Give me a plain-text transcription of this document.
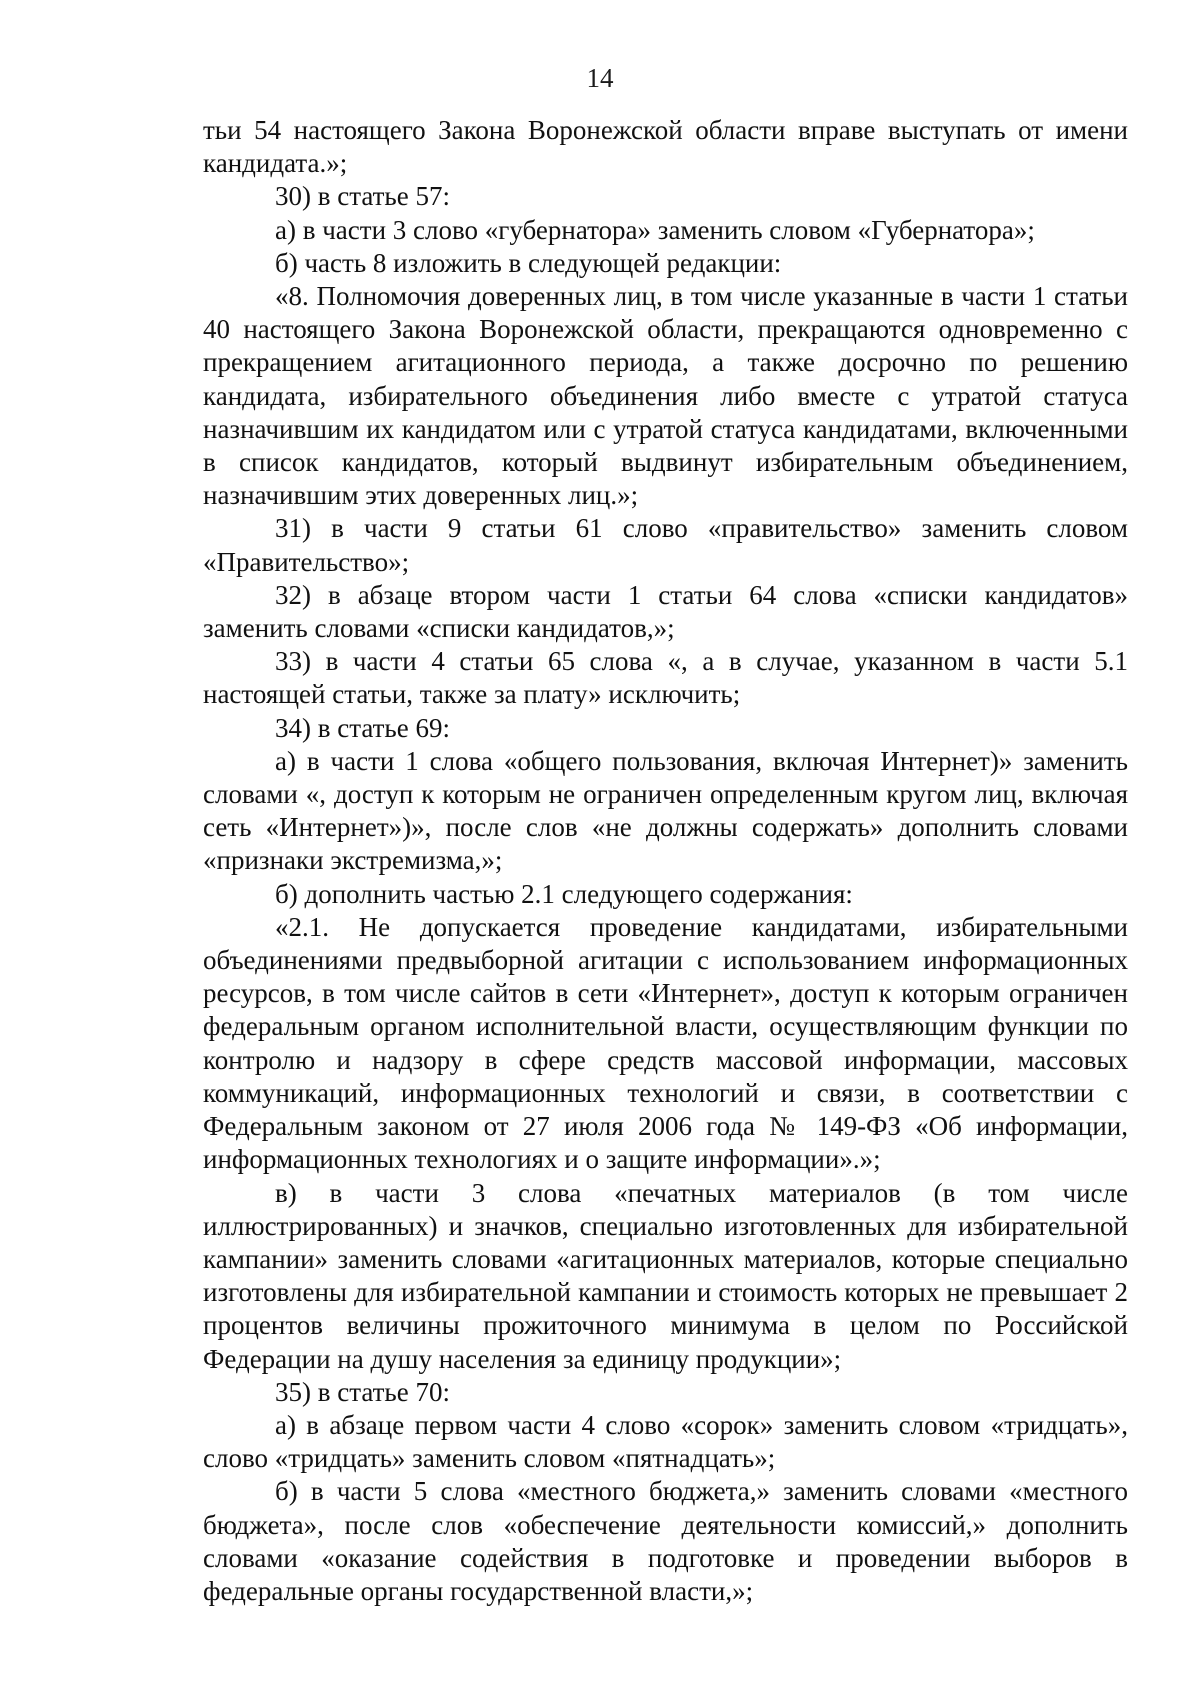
14

тьи 54 настоящего Закона Воронежской области вправе выступать от имени кандидата.»;

30) в статье 57:

а) в части 3 слово «губернатора» заменить словом «Губернатора»;

б) часть 8 изложить в следующей редакции:

«8. Полномочия доверенных лиц, в том числе указанные в части 1 статьи 40 настоящего Закона Воронежской области, прекращаются одновременно с прекращением агитационного периода, а также досрочно по решению кандидата, избирательного объединения либо вместе с утратой статуса назначившим их кандидатом или с утратой статуса кандидатами, включенными в список кандидатов, который выдвинут избирательным объединением, назначившим этих доверенных лиц.»;

31) в части 9 статьи 61 слово «правительство» заменить словом «Правительство»;

32) в абзаце втором части 1 статьи 64 слова «списки кандидатов» заменить словами «списки кандидатов,»;

33) в части 4 статьи 65 слова «, а в случае, указанном в части 5.1 настоящей статьи, также за плату» исключить;

34) в статье 69:

а) в части 1 слова «общего пользования, включая Интернет)» заменить словами «, доступ к которым не ограничен определенным кругом лиц, включая сеть «Интернет»)», после слов «не должны содержать» дополнить словами «признаки экстремизма,»;

б) дополнить частью 2.1 следующего содержания:

«2.1. Не допускается проведение кандидатами, избирательными объединениями предвыборной агитации с использованием информационных ресурсов, в том числе сайтов в сети «Интернет», доступ к которым ограничен федеральным органом исполнительной власти, осуществляющим функции по контролю и надзору в сфере средств массовой информации, массовых коммуникаций, информационных технологий и связи, в соответствии с Федеральным законом от 27 июля 2006 года № 149-ФЗ «Об информации, информационных технологиях и о защите информации».»;

в) в части 3 слова «печатных материалов (в том числе иллюстрированных) и значков, специально изготовленных для избирательной кампании» заменить словами «агитационных материалов, которые специально изготовлены для избирательной кампании и стоимость которых не превышает 2 процентов величины прожиточного минимума в целом по Российской Федерации на душу населения за единицу продукции»;

35) в статье 70:

а) в абзаце первом части 4 слово «сорок» заменить словом «тридцать», слово «тридцать» заменить словом «пятнадцать»;

б) в части 5 слова «местного бюджета,» заменить словами «местного бюджета», после слов «обеспечение деятельности комиссий,» дополнить словами «оказание содействия в подготовке и проведении выборов в федеральные органы государственной власти,»;
